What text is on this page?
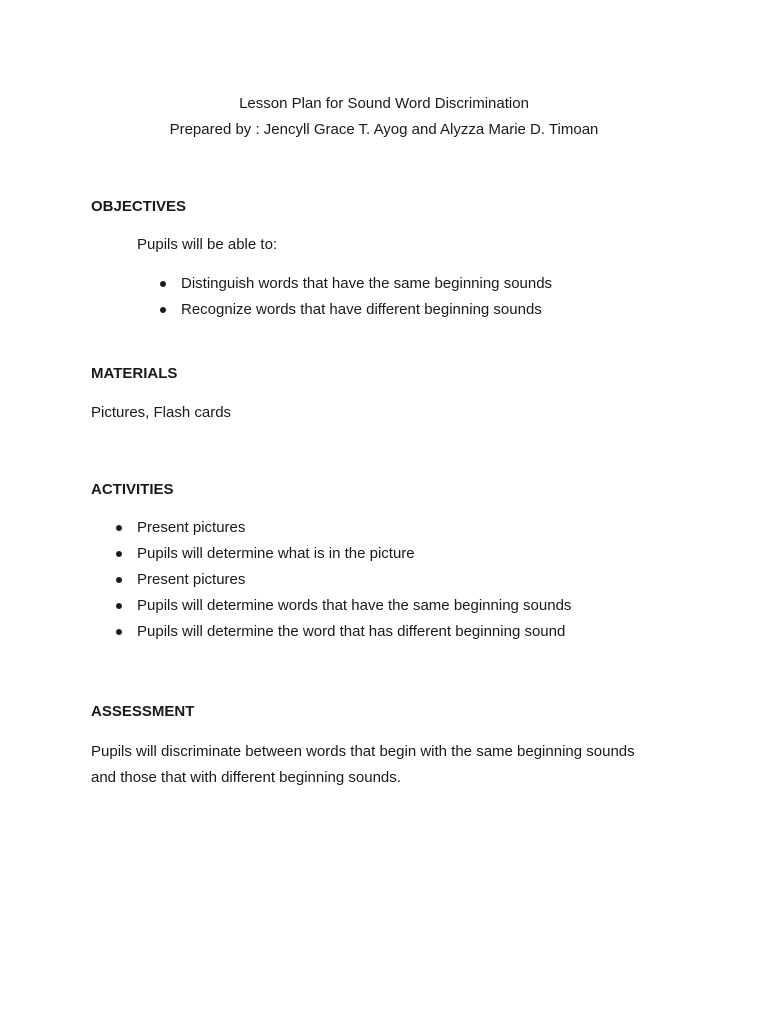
Lesson Plan for Sound Word Discrimination
Prepared by : Jencyll Grace T. Ayog and Alyzza Marie D. Timoan
OBJECTIVES
Pupils will be able to:
Distinguish words that have the same beginning sounds
Recognize words that have different beginning sounds
MATERIALS
Pictures, Flash cards
ACTIVITIES
Present pictures
Pupils will determine what is in the picture
Present pictures
Pupils will determine words that have the same beginning sounds
Pupils will determine the word that has different beginning sound
ASSESSMENT
Pupils will discriminate between words that begin with the same beginning sounds and those that with different beginning sounds.
